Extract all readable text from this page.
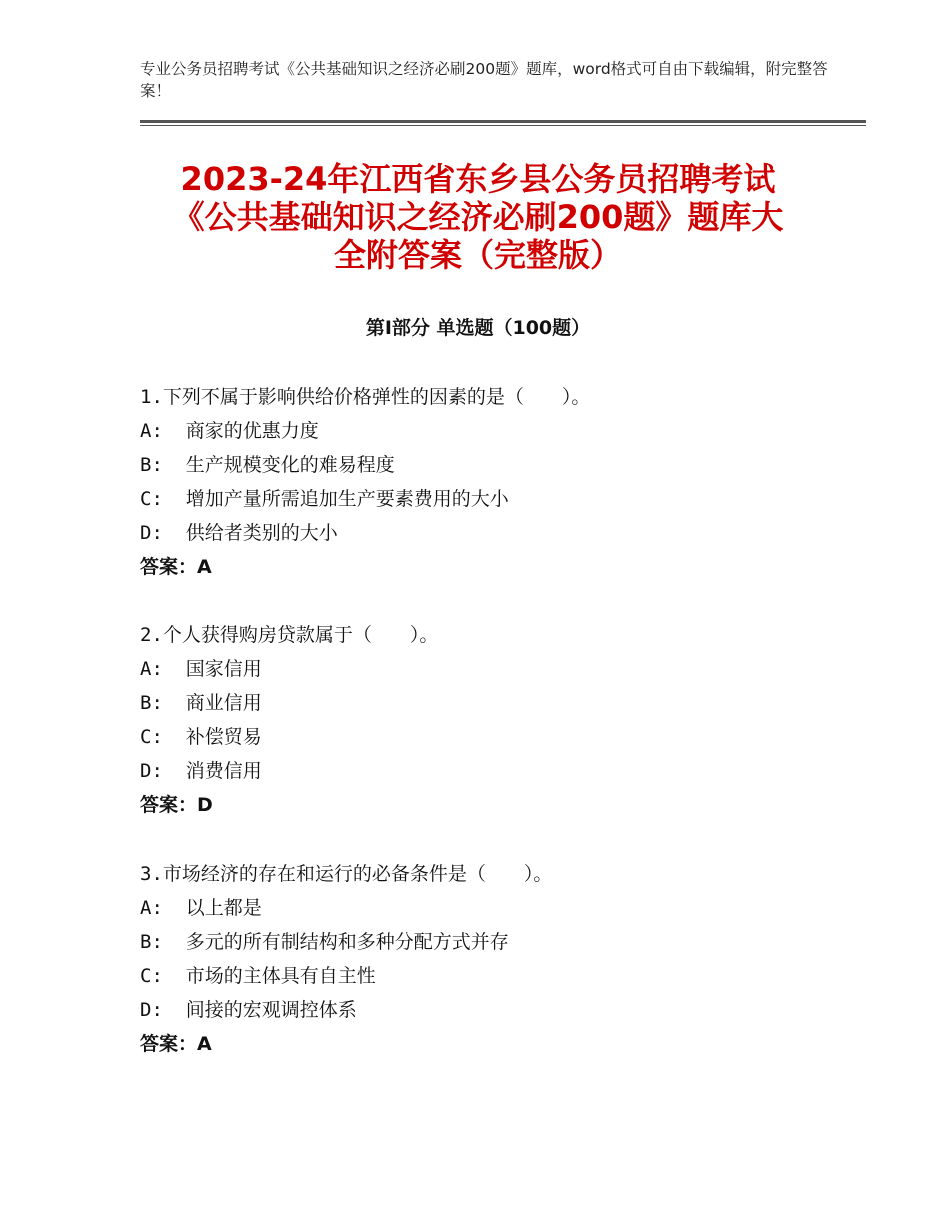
专业公务员招聘考试《公共基础知识之经济必刷200题》题库，word格式可自由下载编辑，附完整答案！
2023-24年江西省东乡县公务员招聘考试
《公共基础知识之经济必刷200题》题库大
全附答案（完整版）
第Ⅰ部分 单选题（100题）
1.下列不属于影响供给价格弹性的因素的是（　　）。
A:  商家的优惠力度
B:  生产规模变化的难易程度
C:  增加产量所需追加生产要素费用的大小
D:  供给者类别的大小
答案：A
2.个人获得购房贷款属于（　　）。
A:  国家信用
B:  商业信用
C:  补偿贸易
D:  消费信用
答案：D
3.市场经济的存在和运行的必备条件是（　　）。
A:  以上都是
B:  多元的所有制结构和多种分配方式并存
C:  市场的主体具有自主性
D:  间接的宏观调控体系
答案：A
